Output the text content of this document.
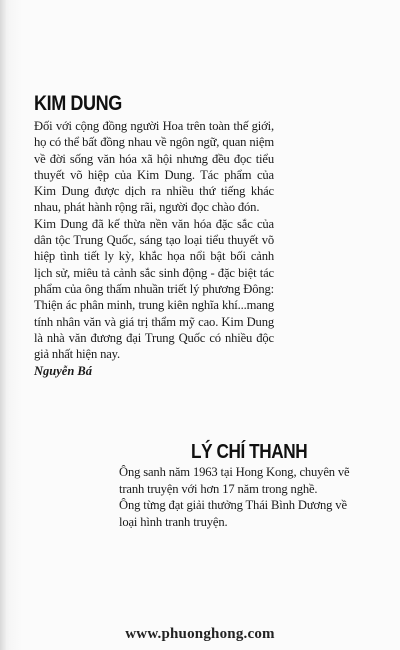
KIM DUNG

Đối với cộng đồng người Hoa trên toàn thế giới, họ có thể bất đồng nhau về ngôn ngữ, quan niệm về đời sống văn hóa xã hội nhưng đều đọc tiểu thuyết võ hiệp của Kim Dung. Tác phẩm của Kim Dung được dịch ra nhiều thứ tiếng khác nhau, phát hành rộng rãi, người đọc chào đón.

Kim Dung đã kế thừa nền văn hóa đặc sắc của dân tộc Trung Quốc, sáng tạo loại tiểu thuyết võ hiệp tình tiết ly kỳ, khắc họa nổi bật bối cảnh lịch sử, miêu tả cảnh sắc sinh động - đặc biệt tác phẩm của ông thấm nhuần triết lý phương Đông: Thiện ác phân minh, trung kiên nghĩa khí...mang tính nhân văn và giá trị thẩm mỹ cao. Kim Dung là nhà văn đương đại Trung Quốc có nhiều độc giả nhất hiện nay.

Nguyễn Bá

LÝ CHÍ THANH

Ông sanh năm 1963 tại Hong Kong, chuyên vẽ tranh truyện với hơn 17 năm trong nghề.

Ông từng đạt giải thưởng Thái Bình Dương về loại hình tranh truyện.

www.phuonghong.com
